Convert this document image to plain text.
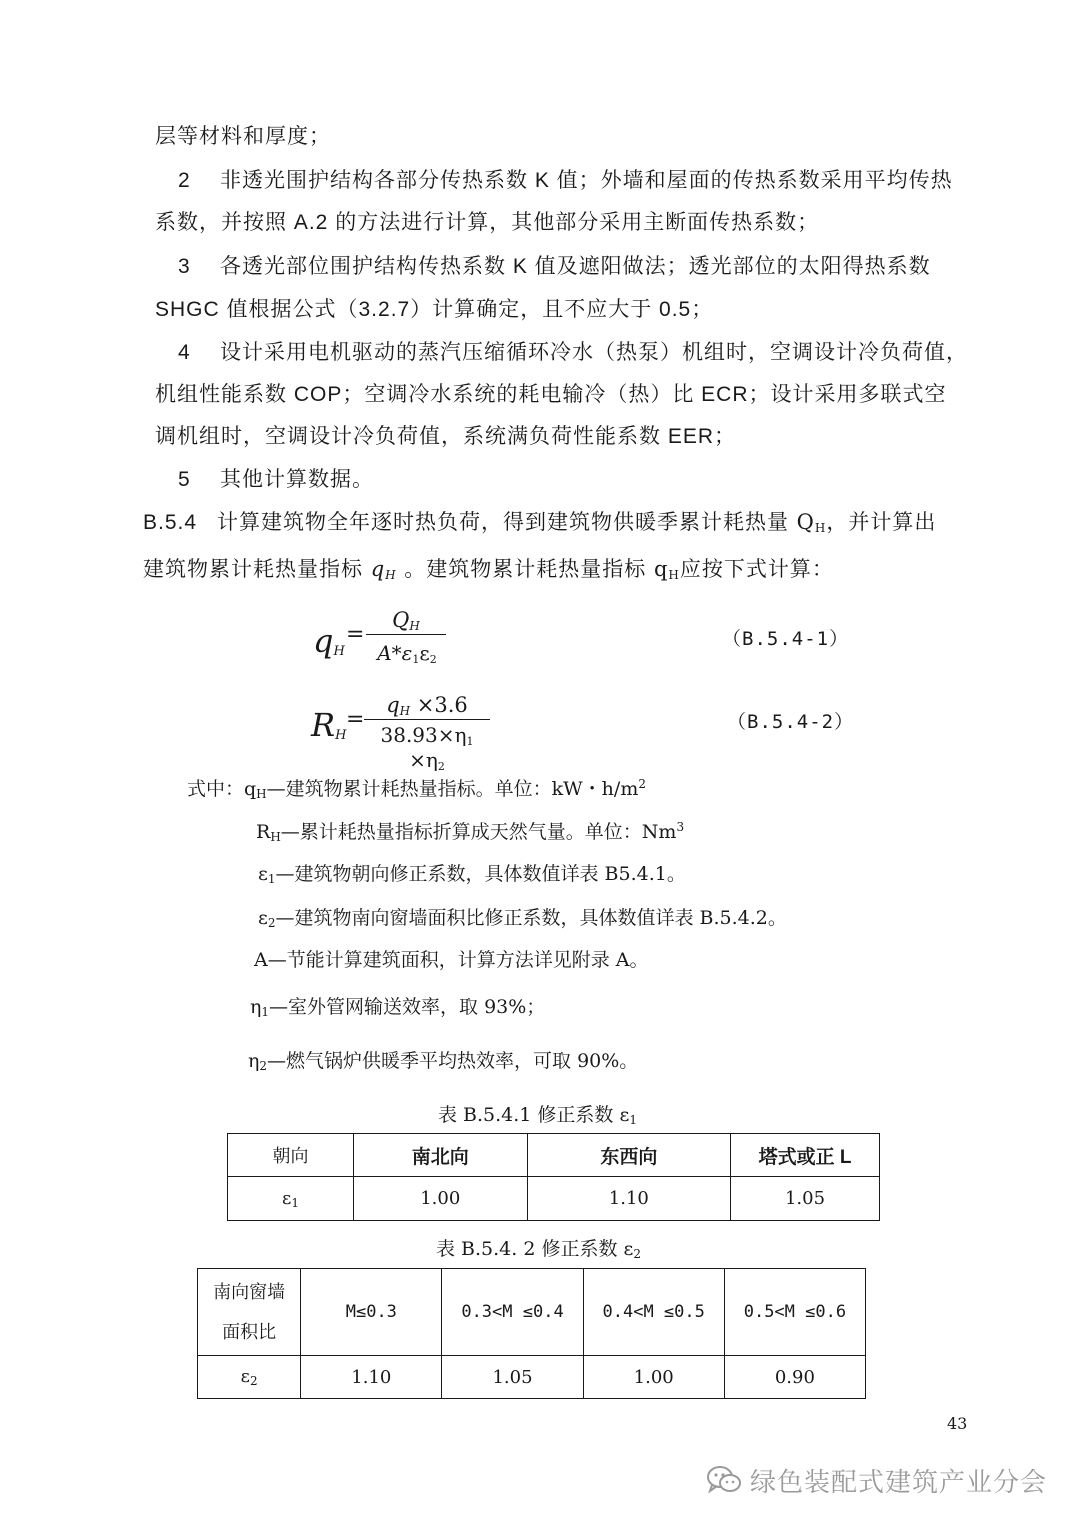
层等材料和厚度；
2 非透光围护结构各部分传热系数 K 值；外墙和屋面的传热系数采用平均传热
系数，并按照 A.2 的方法进行计算，其他部分采用主断面传热系数；
3 各透光部位围护结构传热系数 K 值及遮阳做法；透光部位的太阳得热系数
SHGC 值根据公式（3.2.7）计算确定，且不应大于 0.5；
4 设计采用电机驱动的蒸汽压缩循环冷水（热泵）机组时，空调设计冷负荷值，
机组性能系数 COP；空调冷水系统的耗电输冷（热）比 ECR；设计采用多联式空
调机组时，空调设计冷负荷值，系统满负荷性能系数 EER；
5 其他计算数据。
B.5.4 计算建筑物全年逐时热负荷，得到建筑物供暖季累计耗热量 $Q_H$，并计算出
建筑物累计耗热量指标 $q_H$ 。建筑物累计耗热量指标 $q_H$应按下式计算：
$q_H$
=
$Q_H$
$A*\varepsilon_1\varepsilon_2$
（B.5.4-1）
$R_H$
=
$q_H \times 3.6$
$38.93\times\eta_1 \times\eta_2$
（B.5.4-2）
式中：$q_H—$建筑物累计耗热量指标。单位：kW・$h/m^2$
$R_H—$累计耗热量指标折算成天然气量。单位：Nm$^3$
$\varepsilon_1—$建筑物朝向修正系数，具体数值详表 B5.4.1。
$\varepsilon_2—$建筑物南向窗墙面积比修正系数，具体数值详表 B.5.4.2。
A—节能计算建筑面积，计算方法详见附录 A。
$\eta_1—$室外管网输送效率，取 93%；
$\eta_2—$燃气锅炉供暖季平均热效率，可取 90%。
表 B.5.4.1 修正系数 $\varepsilon_1$
朝向	南北向	东西向	塔式或正 L
$\varepsilon_1$	1.00	1.10	1.05
表 B.5.4. 2 修正系数 $\varepsilon_2$
南向窗墙
面积比	M≤0.3	0.3<M ≤0.4	0.4<M ≤0.5	0.5<M ≤0.6
$\varepsilon_2$	1.10	1.05	1.00	0.90
43
绿色装配式建筑产业分会
